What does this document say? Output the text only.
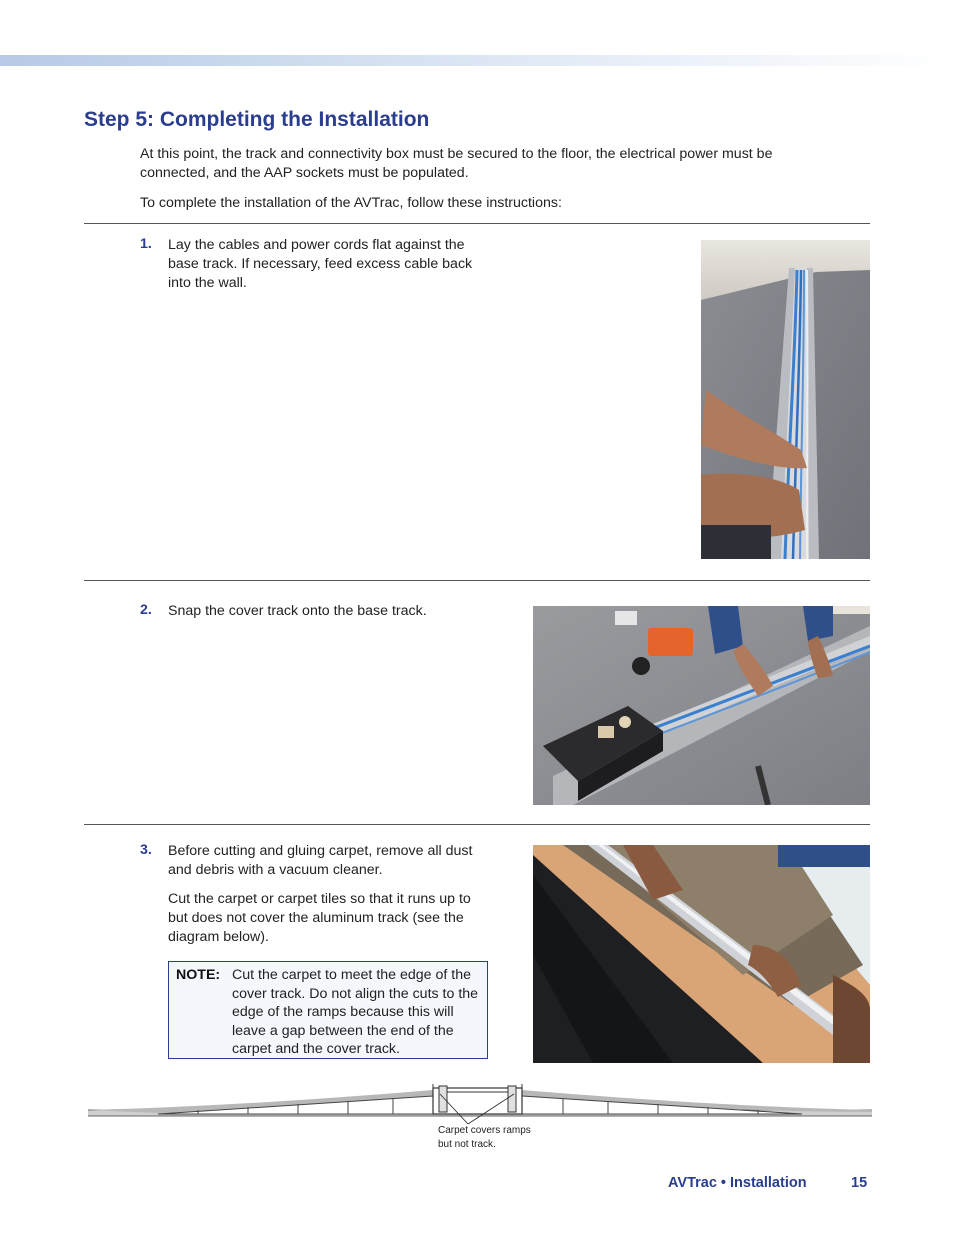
Step 5: Completing the Installation

At this point, the track and connectivity box must be secured to the floor, the electrical power must be connected, and the AAP sockets must be populated.

To complete the installation of the AVTrac, follow these instructions:

1. Lay the cables and power cords flat against the base track. If necessary, feed excess cable back into the wall.

2. Snap the cover track onto the base track.

3. Before cutting and gluing carpet, remove all dust and debris with a vacuum cleaner.

Cut the carpet or carpet tiles so that it runs up to but does not cover the aluminum track (see the diagram below).

NOTE: Cut the carpet to meet the edge of the cover track. Do not align the cuts to the edge of the ramps because this will leave a gap between the end of the carpet and the cover track.

Carpet covers ramps
but not track.
AVTrac • Installation	15
